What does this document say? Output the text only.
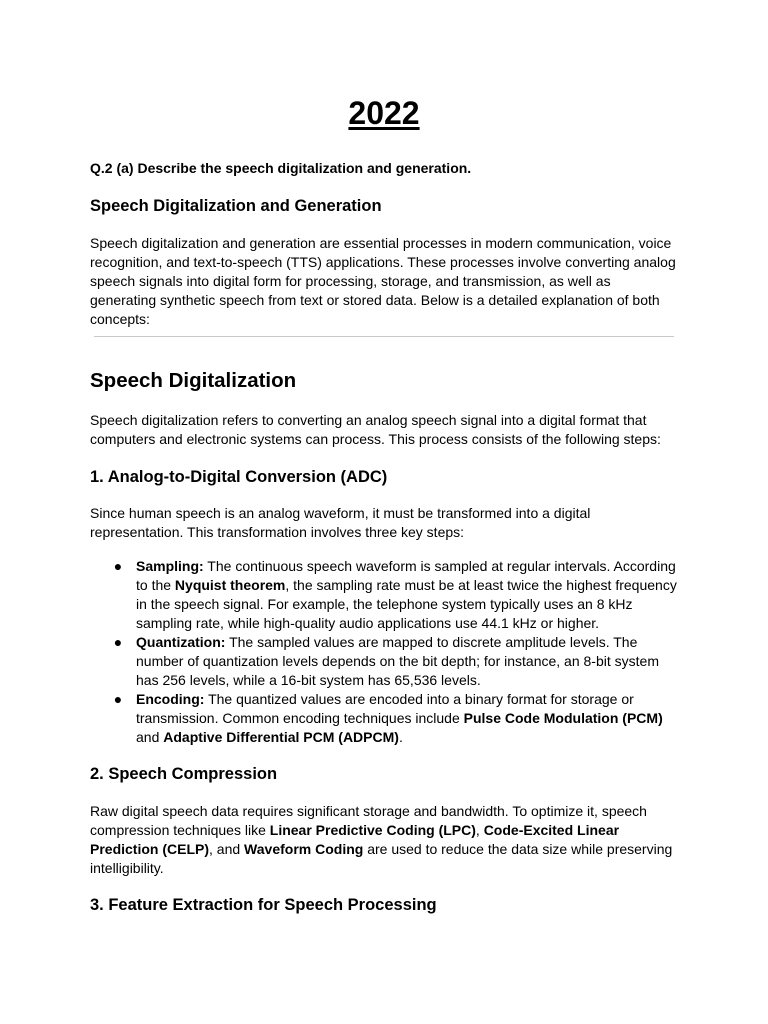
2022
Q.2 (a) Describe the speech digitalization and generation.
Speech Digitalization and Generation

Speech digitalization and generation are essential processes in modern communication, voice recognition, and text-to-speech (TTS) applications. These processes involve converting analog speech signals into digital form for processing, storage, and transmission, as well as generating synthetic speech from text or stored data. Below is a detailed explanation of both concepts:

Speech Digitalization

Speech digitalization refers to converting an analog speech signal into a digital format that computers and electronic systems can process. This process consists of the following steps:

1. Analog-to-Digital Conversion (ADC)

Since human speech is an analog waveform, it must be transformed into a digital representation. This transformation involves three key steps:

● Sampling: The continuous speech waveform is sampled at regular intervals. According to the Nyquist theorem, the sampling rate must be at least twice the highest frequency in the speech signal. For example, the telephone system typically uses an 8 kHz sampling rate, while high-quality audio applications use 44.1 kHz or higher.
● Quantization: The sampled values are mapped to discrete amplitude levels. The number of quantization levels depends on the bit depth; for instance, an 8-bit system has 256 levels, while a 16-bit system has 65,536 levels.
● Encoding: The quantized values are encoded into a binary format for storage or transmission. Common encoding techniques include Pulse Code Modulation (PCM) and Adaptive Differential PCM (ADPCM).
2. Speech Compression

Raw digital speech data requires significant storage and bandwidth. To optimize it, speech compression techniques like Linear Predictive Coding (LPC), Code-Excited Linear Prediction (CELP), and Waveform Coding are used to reduce the data size while preserving intelligibility.

3. Feature Extraction for Speech Processing
